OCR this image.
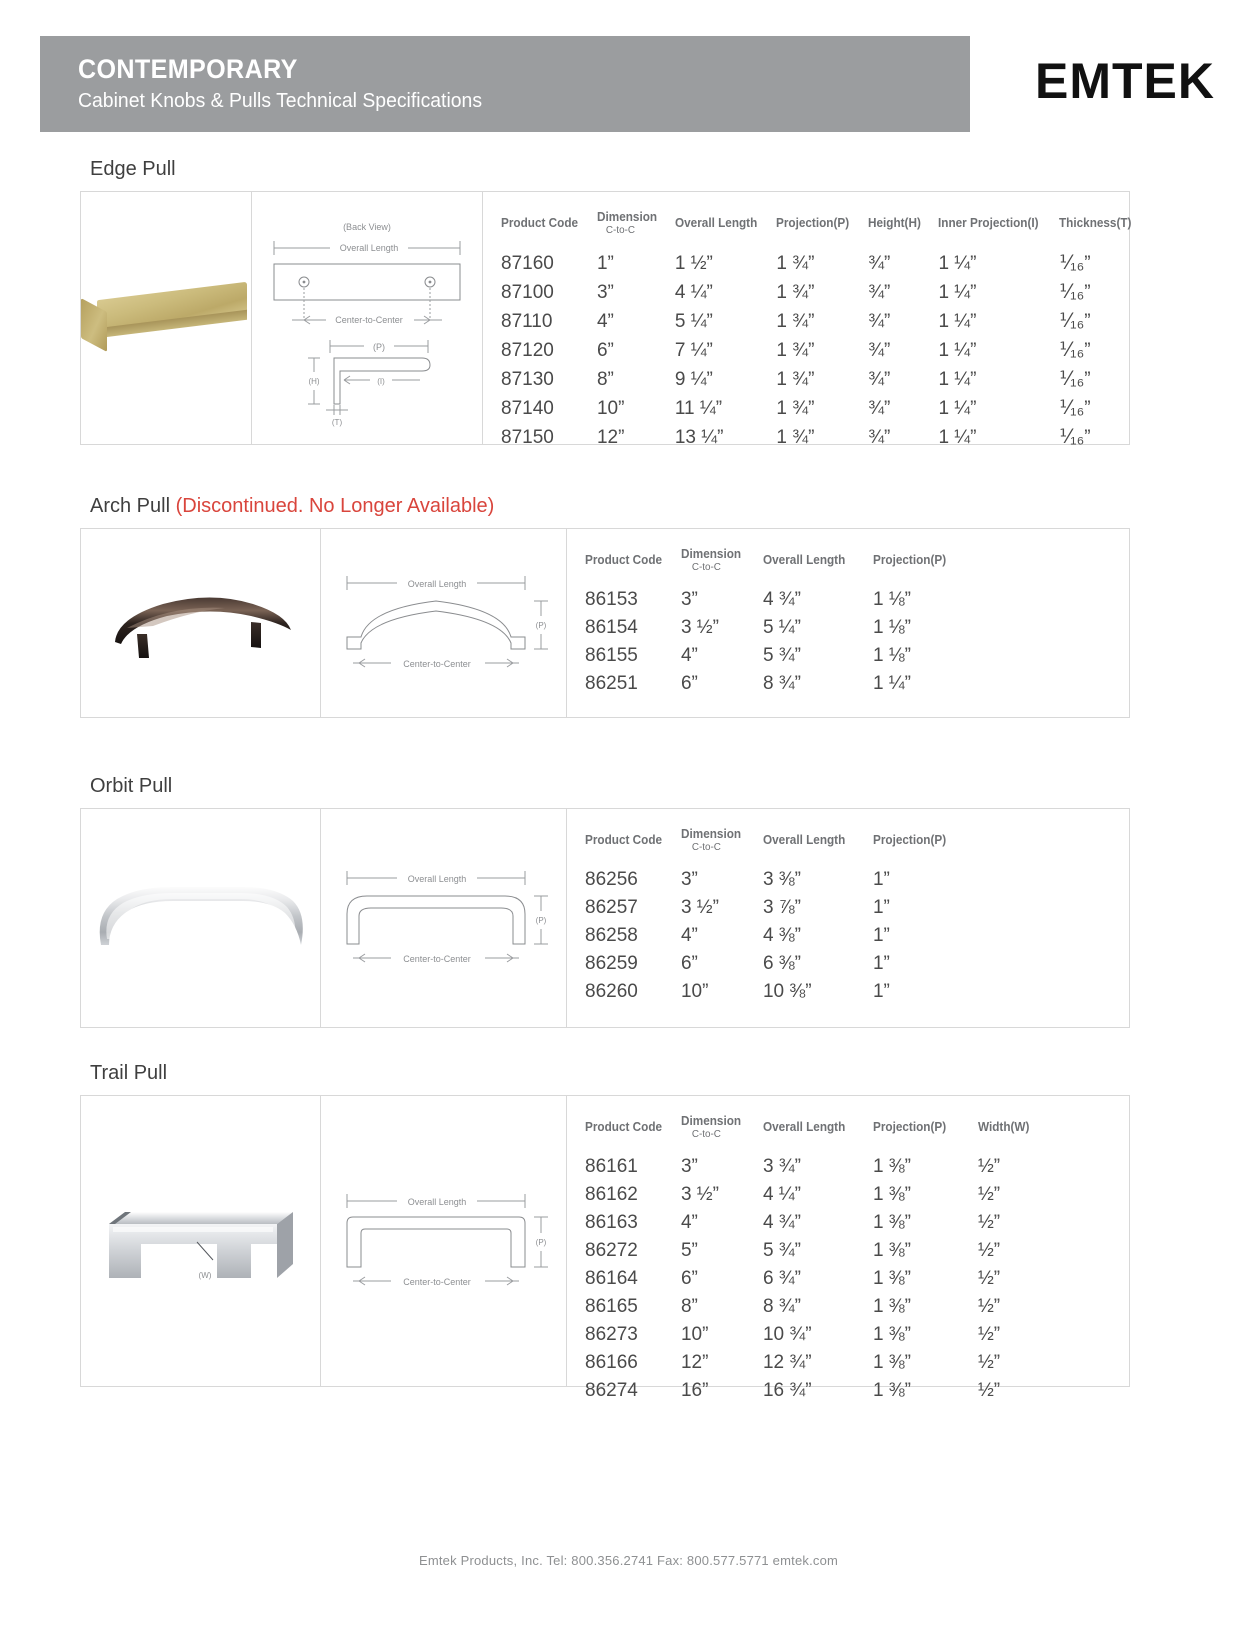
CONTEMPORARY
Cabinet Knobs & Pulls Technical Specifications	EMTEK
Edge Pull
(Back View)
Overall Length
Center-to-Center
(P)
(H)	(I)
(T)
Product Code	Dimension
C-to-C	Overall Length	Projection(P)	Height(H)	Inner Projection(I)	Thickness(T)

87160	1”	1 ½”	1 ¾”	¾”	1 ¼”	⅟₁₆”
87100	3”	4 ¼”	1 ¾”	¾”	1 ¼”	⅟₁₆”
87110	4”	5 ¼”	1 ¾”	¾”	1 ¼”	⅟₁₆”
87120	6”	7 ¼”	1 ¾”	¾”	1 ¼”	⅟₁₆”
87130	8”	9 ¼”	1 ¾”	¾”	1 ¼”	⅟₁₆”
87140	10”	11 ¼”	1 ¾”	¾”	1 ¼”	⅟₁₆”
87150	12”	13 ¼”	1 ¾”	¾”	1 ¼”	⅟₁₆”
Arch Pull (Discontinued. No Longer Available)
Overall Length
Center-to-Center
(P)
Product Code	Dimension
C-to-C	Overall Length	Projection(P)

86153	3”	4 ¾”	1 ⅛”
86154	3 ½”	5 ¼”	1 ⅛”
86155	4”	5 ¾”	1 ⅛”
86251	6”	8 ¾”	1 ¼”
Orbit Pull
Overall Length
Center-to-Center
(P)
Product Code	Dimension
C-to-C	Overall Length	Projection(P)

86256	3”	3 ⅜”	1”
86257	3 ½”	3 ⅞”	1”
86258	4”	4 ⅜”	1”
86259	6”	6 ⅜”	1”
86260	10”	10 ⅜”	1”
Trail Pull
(W)
Overall Length
Center-to-Center
(P)
Product Code	Dimension
C-to-C	Overall Length	Projection(P)	Width(W)

86161	3”	3 ¾”	1 ⅜”	½”
86162	3 ½”	4 ¼”	1 ⅜”	½”
86163	4”	4 ¾”	1 ⅜”	½”
86272	5”	5 ¾”	1 ⅜”	½”
86164	6”	6 ¾”	1 ⅜”	½”
86165	8”	8 ¾”	1 ⅜”	½”
86273	10”	10 ¾”	1 ⅜”	½”
86166	12”	12 ¾”	1 ⅜”	½”
86274	16”	16 ¾”	1 ⅜”	½”
Emtek Products, Inc. Tel: 800.356.2741 Fax: 800.577.5771 emtek.com
